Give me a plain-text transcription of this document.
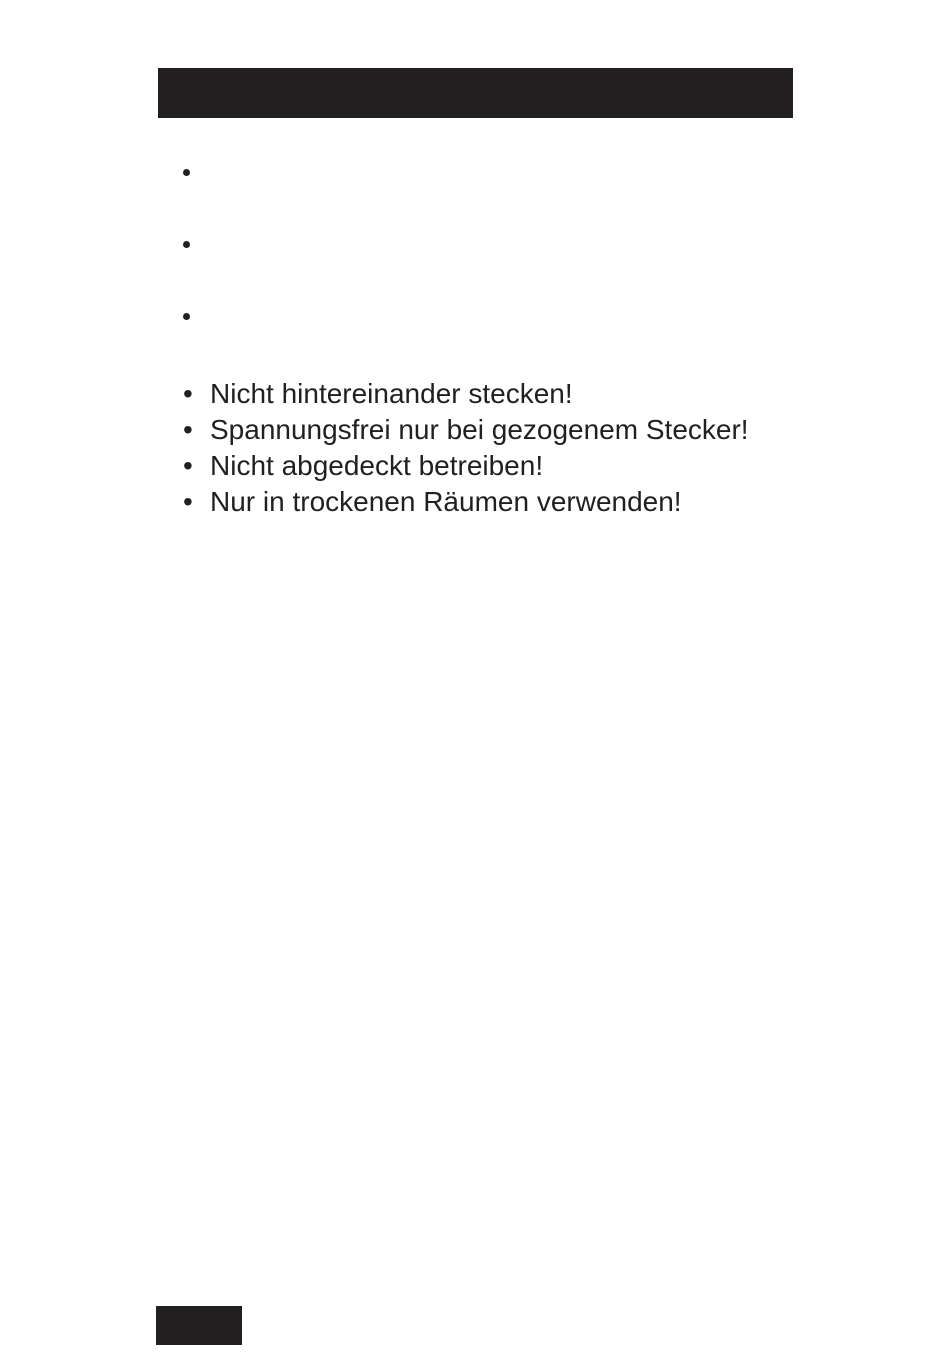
• Nicht hintereinander stecken!
• Spannungsfrei nur bei gezogenem Stecker!
• Nicht abgedeckt betreiben!
• Nur in trockenen Räumen verwenden!
